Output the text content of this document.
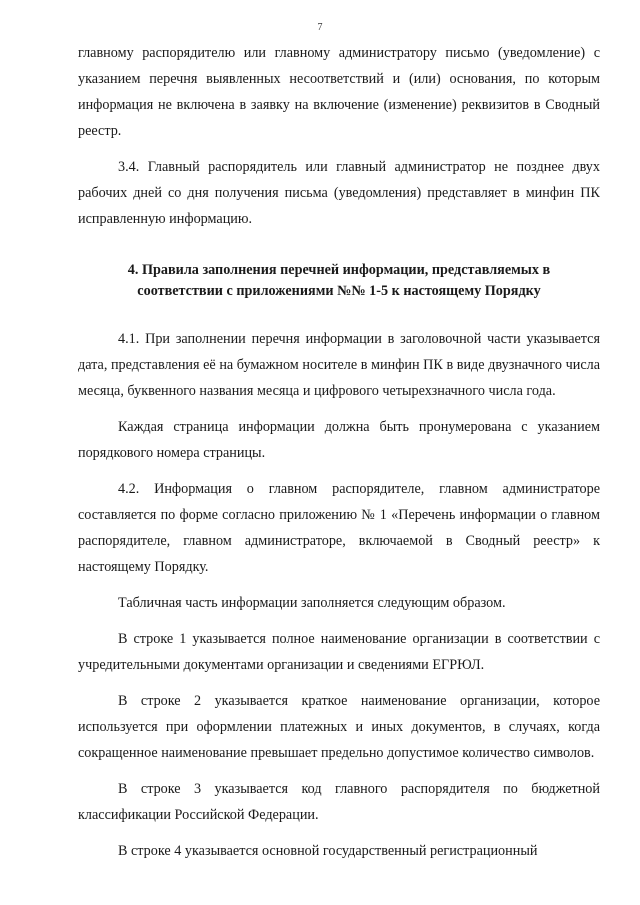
7

главному распорядителю или главному администратору письмо (уведомление) с указанием перечня выявленных несоответствий и (или) основания, по которым информация не включена в заявку на включение (изменение) реквизитов в Сводный реестр.

3.4. Главный распорядитель или главный администратор не позднее двух рабочих дней со дня получения письма (уведомления) представляет в минфин ПК исправленную информацию.

4. Правила заполнения перечней информации, представляемых в соответствии с приложениями №№ 1-5 к настоящему Порядку

4.1. При заполнении перечня информации в заголовочной части указывается дата, представления её на бумажном носителе в минфин ПК в виде двузначного числа месяца, буквенного названия месяца и цифрового четырехзначного числа года.

Каждая страница информации должна быть пронумерована с указанием порядкового номера страницы.

4.2. Информация о главном распорядителе, главном администраторе составляется по форме согласно приложению № 1 «Перечень информации о главном распорядителе, главном администраторе, включаемой в Сводный реестр» к настоящему Порядку.

Табличная часть информации заполняется следующим образом.

В строке 1 указывается полное наименование организации в соответствии с учредительными документами организации и сведениями ЕГРЮЛ.

В строке 2 указывается краткое наименование организации, которое используется при оформлении платежных и иных документов, в случаях, когда сокращенное наименование превышает предельно допустимое количество символов.

В строке 3 указывается код главного распорядителя по бюджетной классификации Российской Федерации.

В строке 4 указывается основной государственный регистрационный
